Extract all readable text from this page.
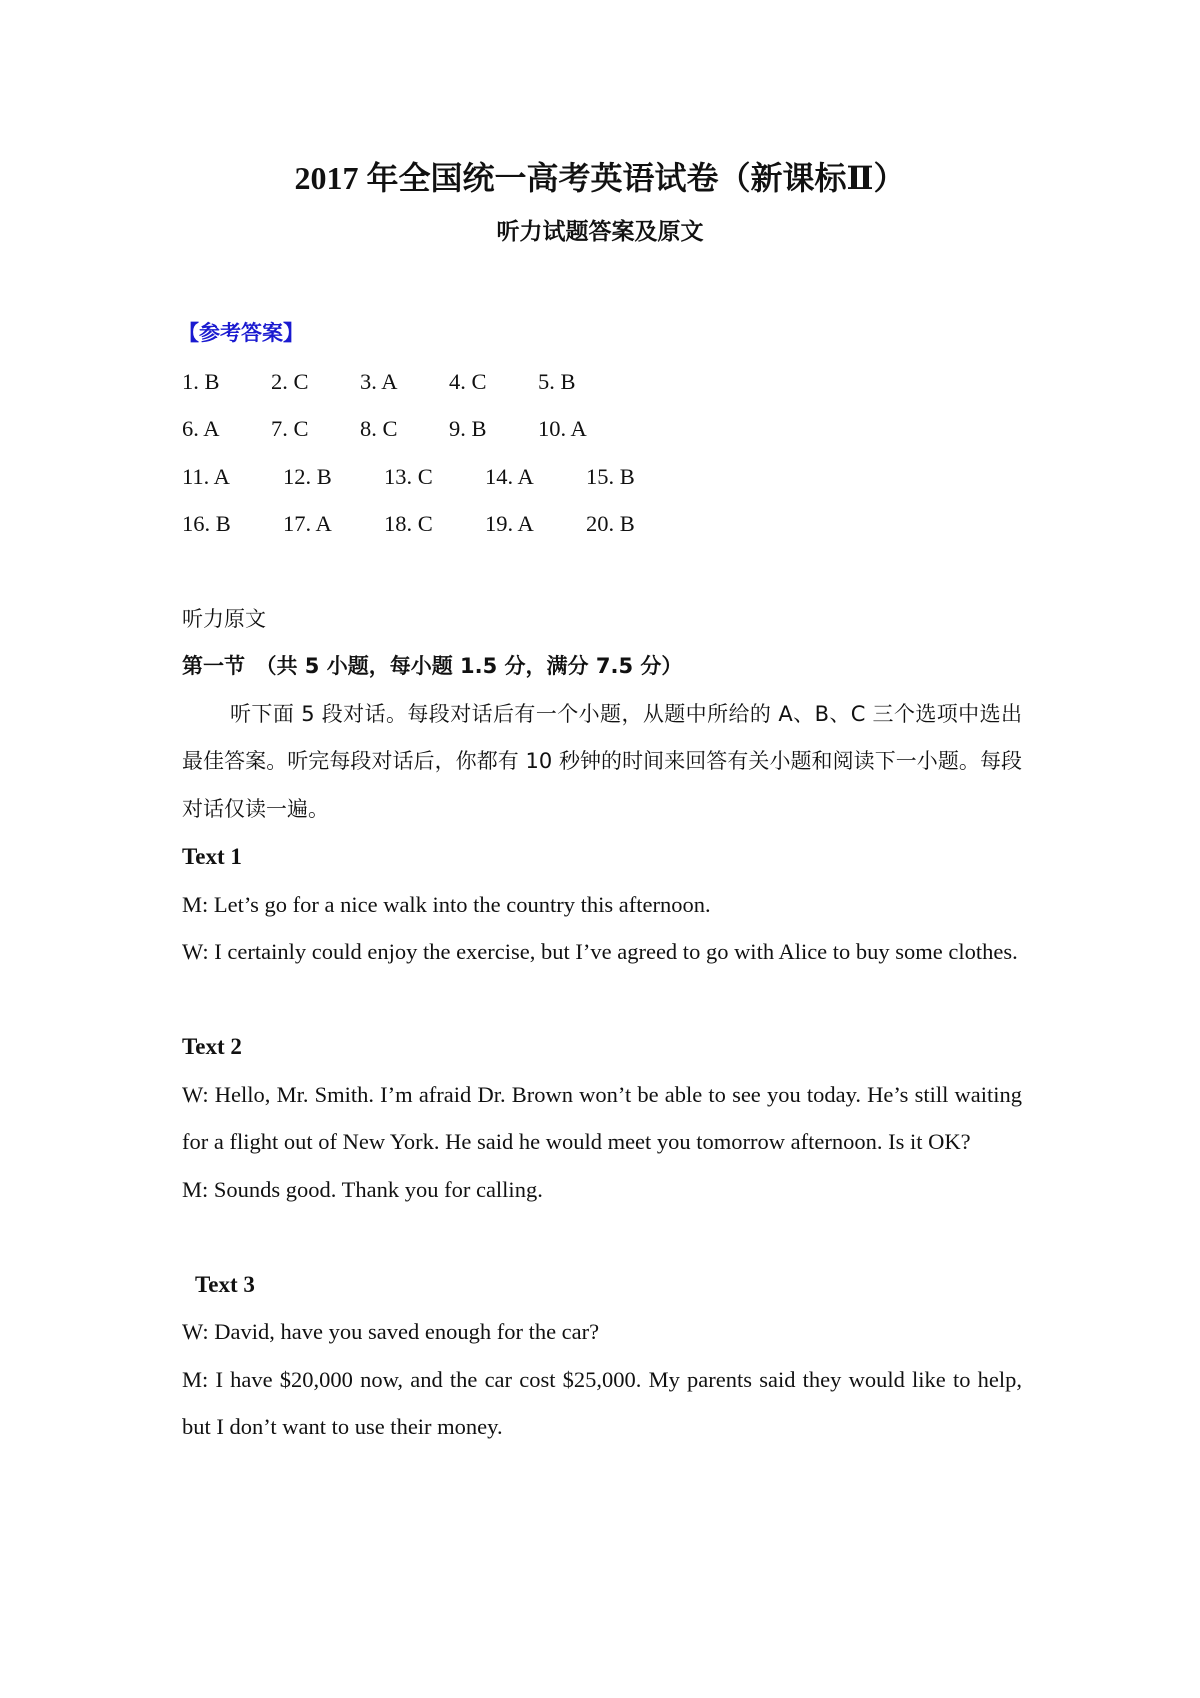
2017 年全国统一高考英语试卷（新课标Ⅱ）
听力试题答案及原文
【参考答案】
1. B	2. C	3. A	4. C	5. B
6. A	7. C	8. C	9. B	10. A
11. A	12. B	13. C	14. A	15. B
16. B	17. A	18. C	19. A	20. B
听力原文
第一节　（共 5 小题，每小题 1.5 分，满分 7.5 分）
听下面 5 段对话。每段对话后有一个小题，从题中所给的 A、B、C 三个选项中选出最佳答案。听完每段对话后，你都有 10 秒钟的时间来回答有关小题和阅读下一小题。每段对话仅读一遍。
Text 1
M: Let’s go for a nice walk into the country this afternoon.
W: I certainly could enjoy the exercise, but I’ve agreed to go with Alice to buy some clothes.
Text 2
W: Hello, Mr. Smith. I’m afraid Dr. Brown won’t be able to see you today. He’s still waiting for a flight out of New York. He said he would meet you tomorrow afternoon. Is it OK?
M: Sounds good. Thank you for calling.
Text 3
W: David, have you saved enough for the car?
M: I have $20,000 now, and the car cost $25,000. My parents said they would like to help, but I don’t want to use their money.
